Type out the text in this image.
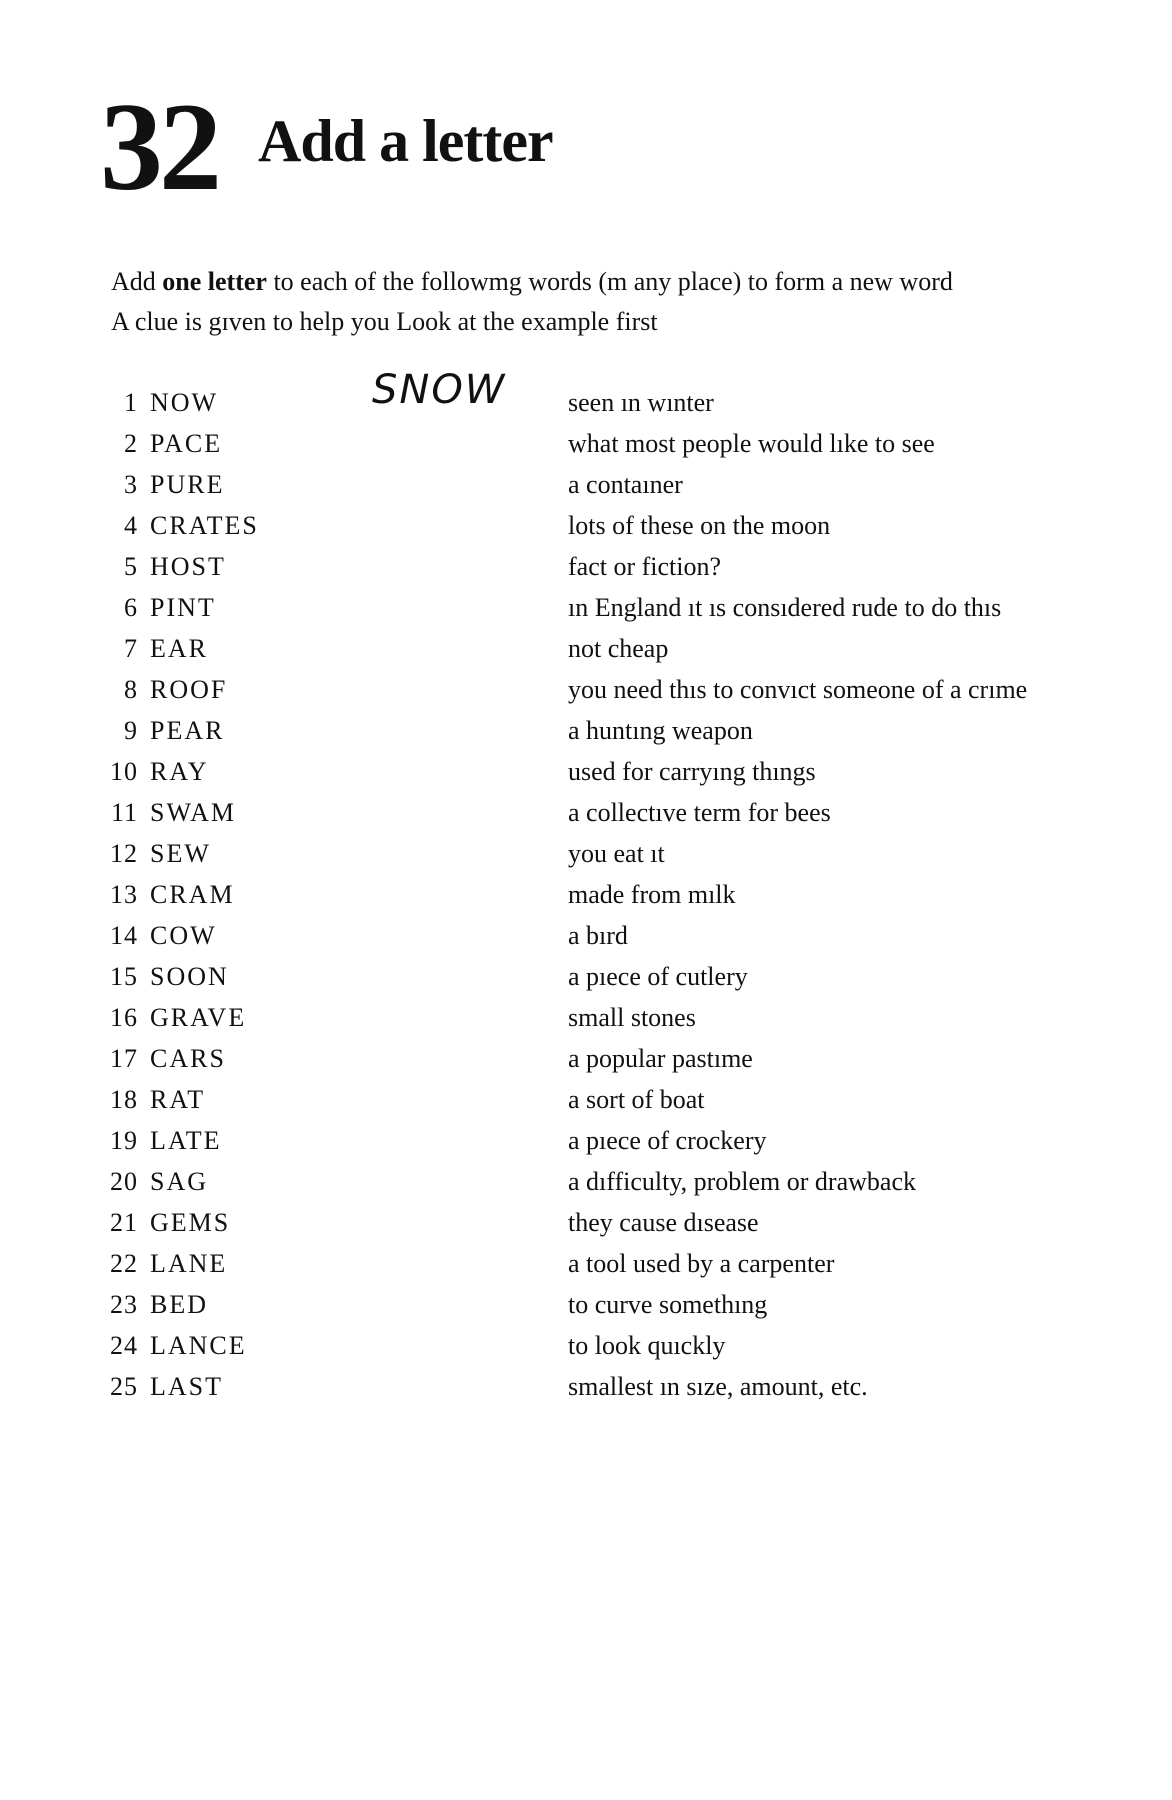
32 Add a letter
Add one letter to each of the followmg words (m any place) to form a new word
A clue is gɪven to help you Look at the example first
1 NOW	SNOW seen ın wınter
2 PACE	what most people would lıke to see
3 PURE	a contaıner
4 CRATES	lots of these on the moon
5 HOST	fact or fiction?
6 PINT	ın England ıt ıs consıdered rude to do thıs
7 EAR	not cheap
8 ROOF	you need thıs to convıct someone of a crıme
9 PEAR	a huntıng weapon
10 RAY	used for carryıng thıngs
11 SWAM	a collectıve term for bees
12 SEW	you eat ıt
13 CRAM	made from mılk
14 COW	a bırd
15 SOON	a pıece of cutlery
16 GRAVE	small stones
17 CARS	a popular pastıme
18 RAT	a sort of boat
19 LATE	a pıece of crockery
20 SAG	a dıfficulty, problem or drawback
21 GEMS	they cause dısease
22 LANE	a tool used by a carpenter
23 BED	to curve somethıng
24 LANCE	to look quıckly
25 LAST	smallest ın sıze, amount, etc.
